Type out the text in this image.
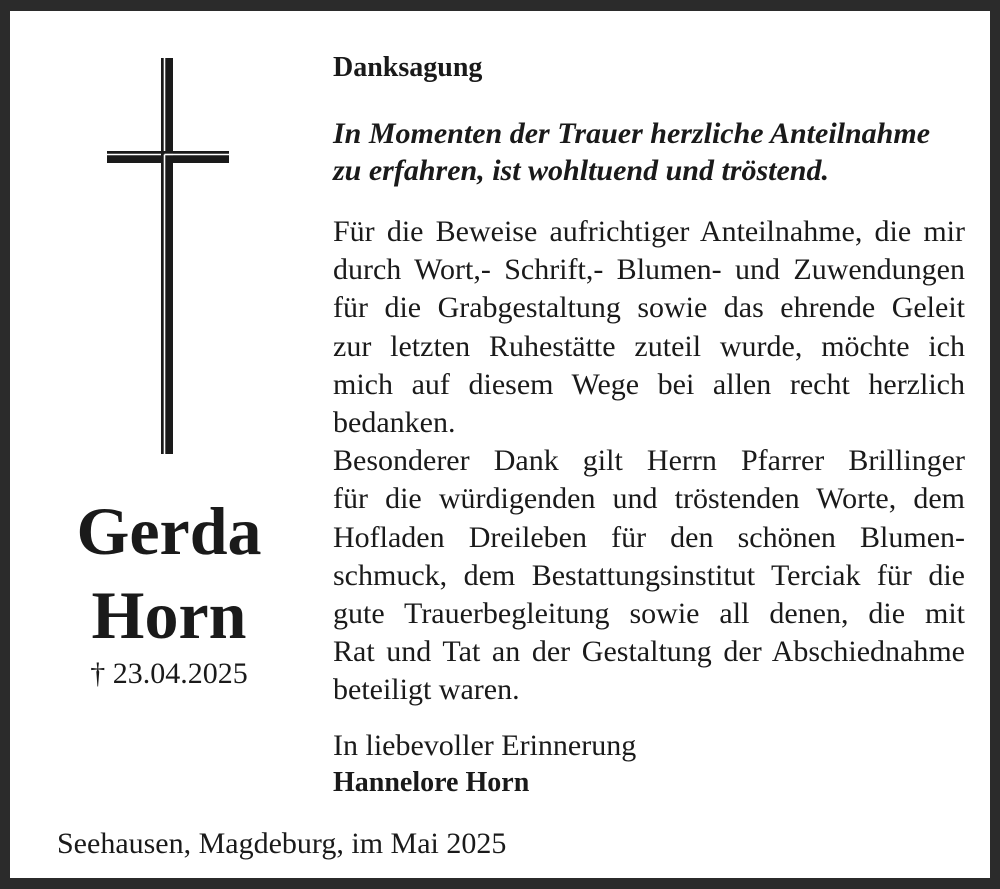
Gerda
Horn
† 23.04.2025
Danksagung
In Momenten der Trauer herzliche Anteilnahme
zu erfahren, ist wohltuend und tröstend.
Für die Beweise aufrichtiger Anteilnahme, die mir
durch Wort,- Schrift,- Blumen- und Zuwendungen
für die Grabgestaltung sowie das ehrende Geleit
zur letzten Ruhestätte zuteil wurde, möchte ich
mich auf diesem Wege bei allen recht herzlich
bedanken.
Besonderer Dank gilt Herrn Pfarrer Brillinger
für die würdigenden und tröstenden Worte, dem
Hofladen Dreileben für den schönen Blumen-
schmuck, dem Bestattungsinstitut Terciak für die
gute Trauerbegleitung sowie all denen, die mit
Rat und Tat an der Gestaltung der Abschiednahme
beteiligt waren.
In liebevoller Erinnerung
Hannelore Horn
Seehausen, Magdeburg, im Mai 2025
